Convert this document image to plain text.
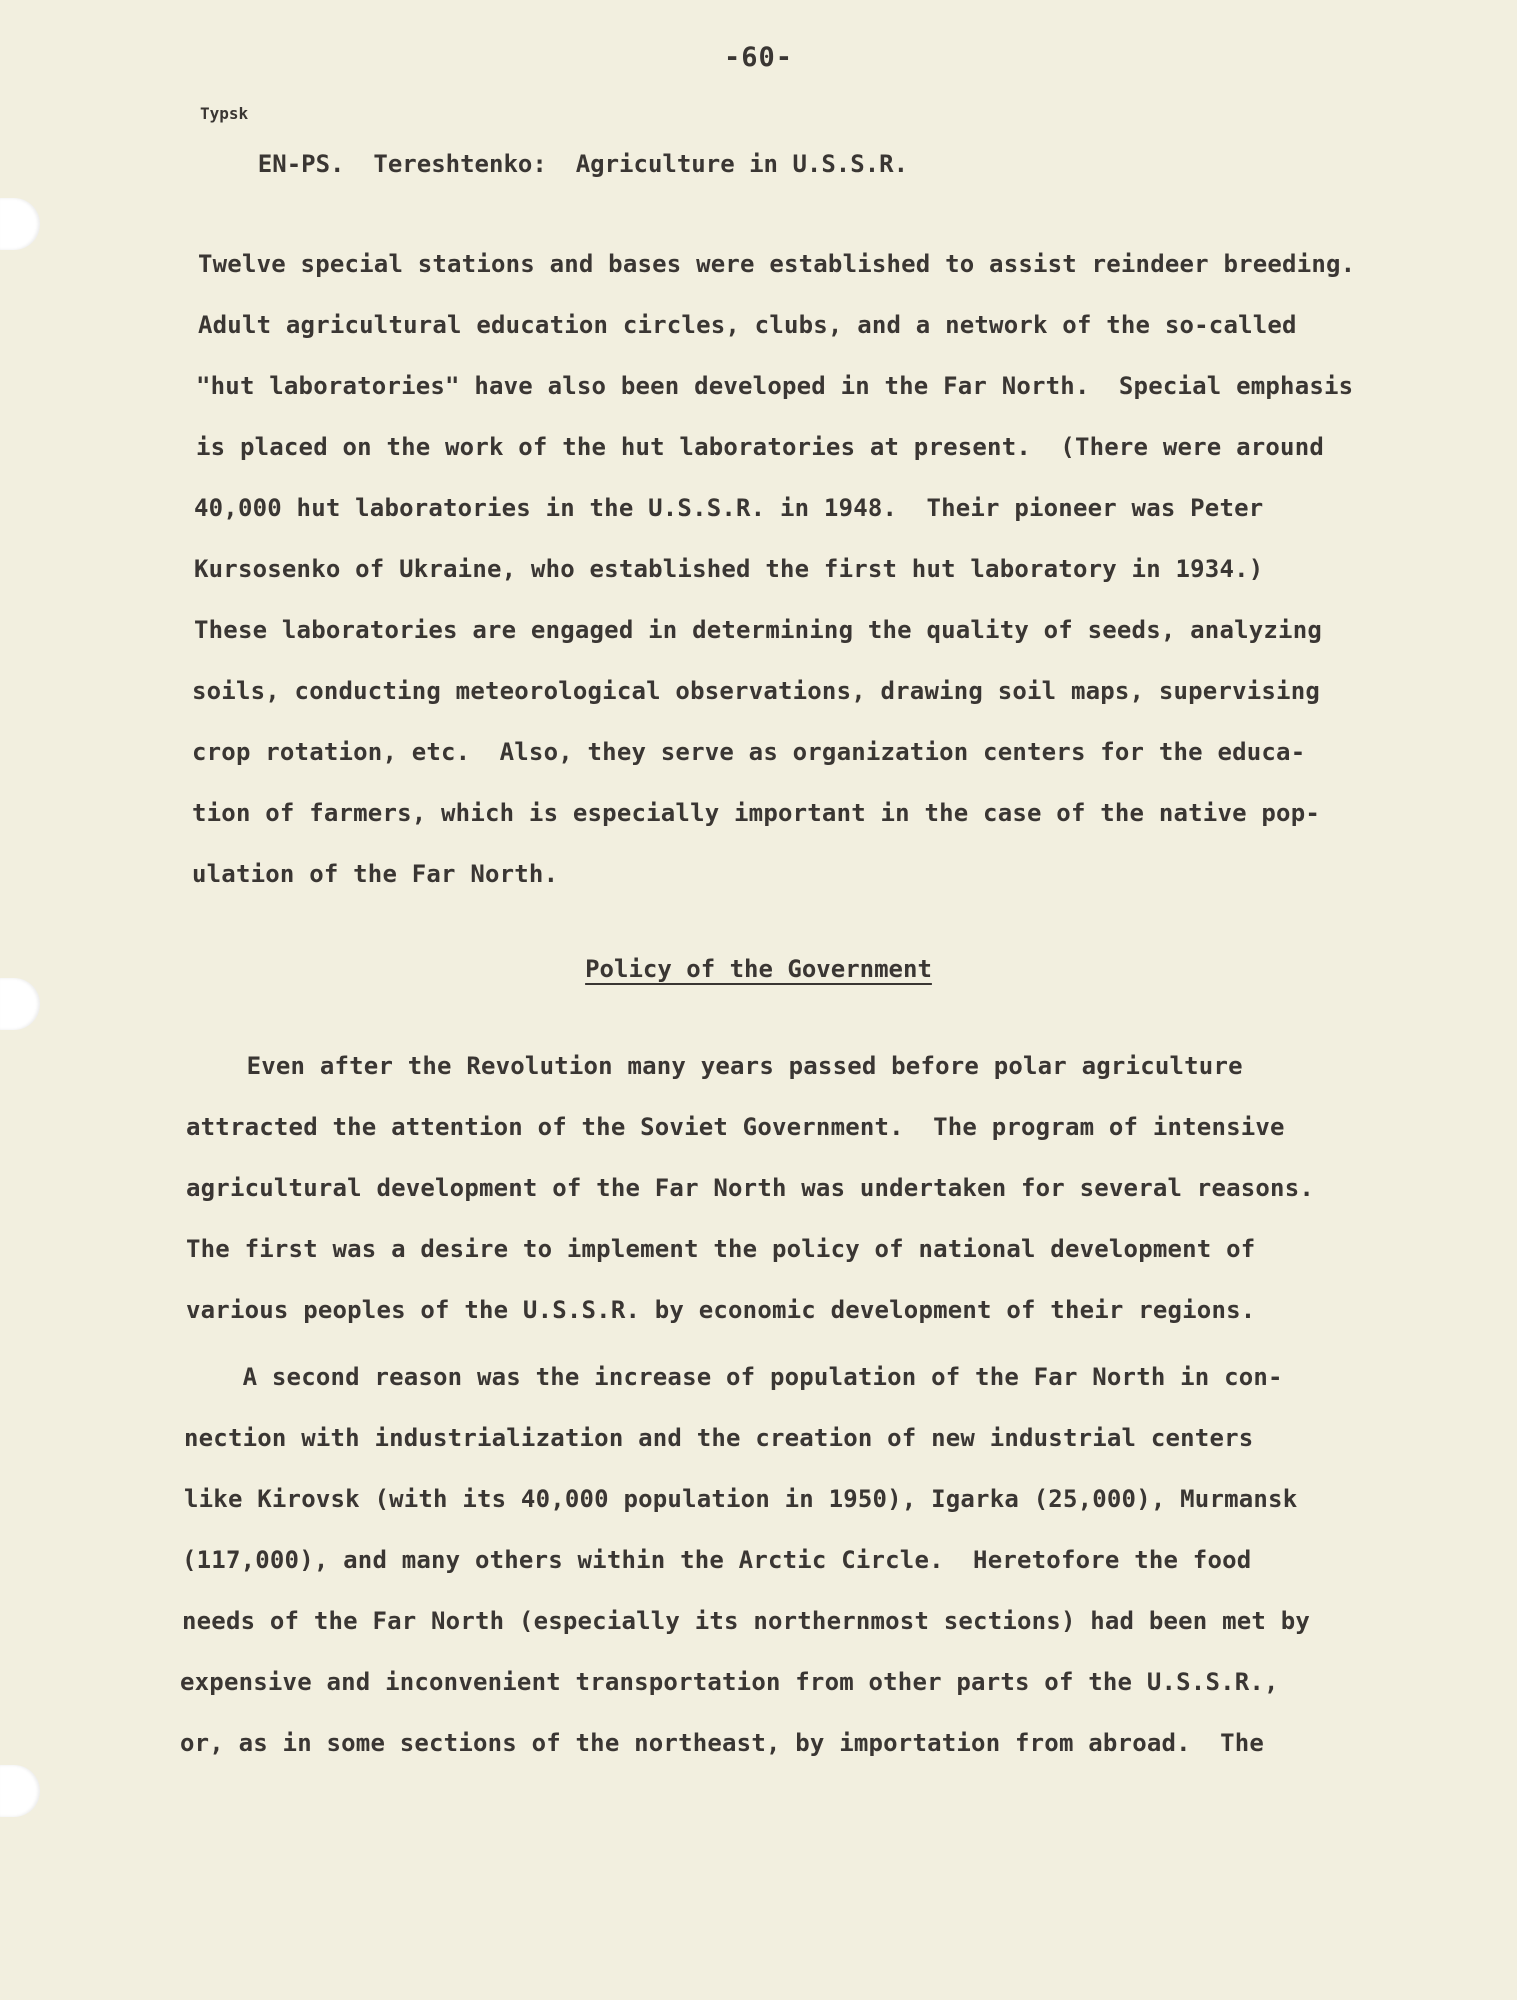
-60-

Typsk
EN-PS. Tereshtenko: Agriculture in U.S.S.R.

Twelve special stations and bases were established to assist reindeer breeding.
Adult agricultural education circles, clubs, and a network of the so-called
"hut laboratories" have also been developed in the Far North.  Special emphasis
is placed on the work of the hut laboratories at present.  (There were around
40,000 hut laboratories in the U.S.S.R. in 1948.  Their pioneer was Peter
Kursosenko of Ukraine, who established the first hut laboratory in 1934.)
These laboratories are engaged in determining the quality of seeds, analyzing
soils, conducting meteorological observations, drawing soil maps, supervising
crop rotation, etc.  Also, they serve as organization centers for the educa-
tion of farmers, which is especially important in the case of the native pop-
ulation of the Far North.
Policy of the Government
Even after the Revolution many years passed before polar agriculture
attracted the attention of the Soviet Government.  The program of intensive
agricultural development of the Far North was undertaken for several reasons.
The first was a desire to implement the policy of national development of
various peoples of the U.S.S.R. by economic development of their regions.
A second reason was the increase of population of the Far North in con-
nection with industrialization and the creation of new industrial centers
like Kirovsk (with its 40,000 population in 1950), Igarka (25,000), Murmansk
(117,000), and many others within the Arctic Circle.  Heretofore the food
needs of the Far North (especially its northernmost sections) had been met by
expensive and inconvenient transportation from other parts of the U.S.S.R.,
or, as in some sections of the northeast, by importation from abroad.  The
